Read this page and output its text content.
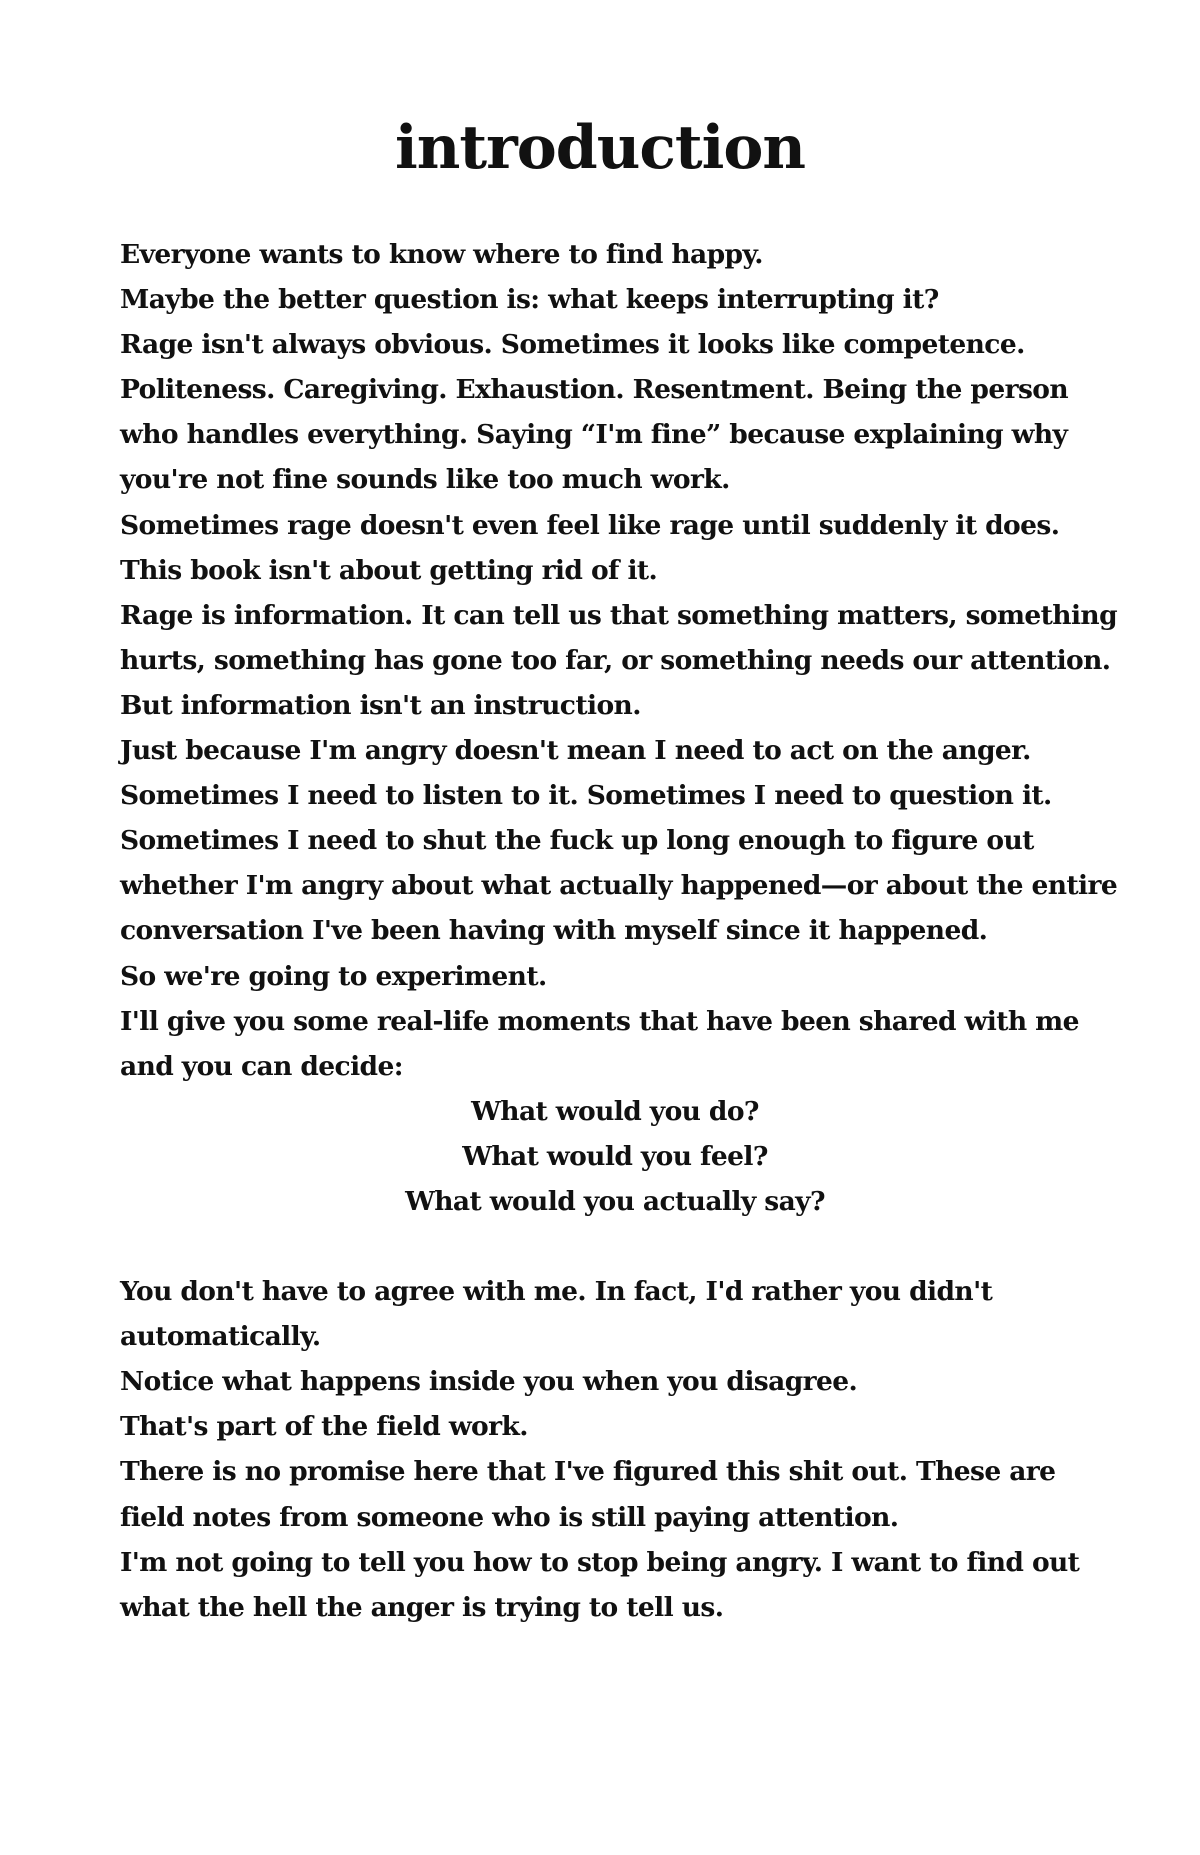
introduction

Everyone wants to know where to find happy.

Maybe the better question is: what keeps interrupting it?

Rage isn't always obvious. Sometimes it looks like competence.

Politeness. Caregiving. Exhaustion. Resentment. Being the person who handles everything. Saying “I'm fine” because explaining why you're not fine sounds like too much work.

Sometimes rage doesn't even feel like rage until suddenly it does.

This book isn't about getting rid of it.

Rage is information. It can tell us that something matters, something hurts, something has gone too far, or something needs our attention.

But information isn't an instruction.

Just because I'm angry doesn't mean I need to act on the anger.

Sometimes I need to listen to it. Sometimes I need to question it.

Sometimes I need to shut the fuck up long enough to figure out whether I'm angry about what actually happened—or about the entire conversation I've been having with myself since it happened.

So we're going to experiment.

I'll give you some real-life moments that have been shared with me and you can decide:

What would you do?

What would you feel?

What would you actually say?

You don't have to agree with me. In fact, I'd rather you didn't automatically.

Notice what happens inside you when you disagree.

That's part of the field work.

There is no promise here that I've figured this shit out. These are field notes from someone who is still paying attention.

I'm not going to tell you how to stop being angry. I want to find out what the hell the anger is trying to tell us.
